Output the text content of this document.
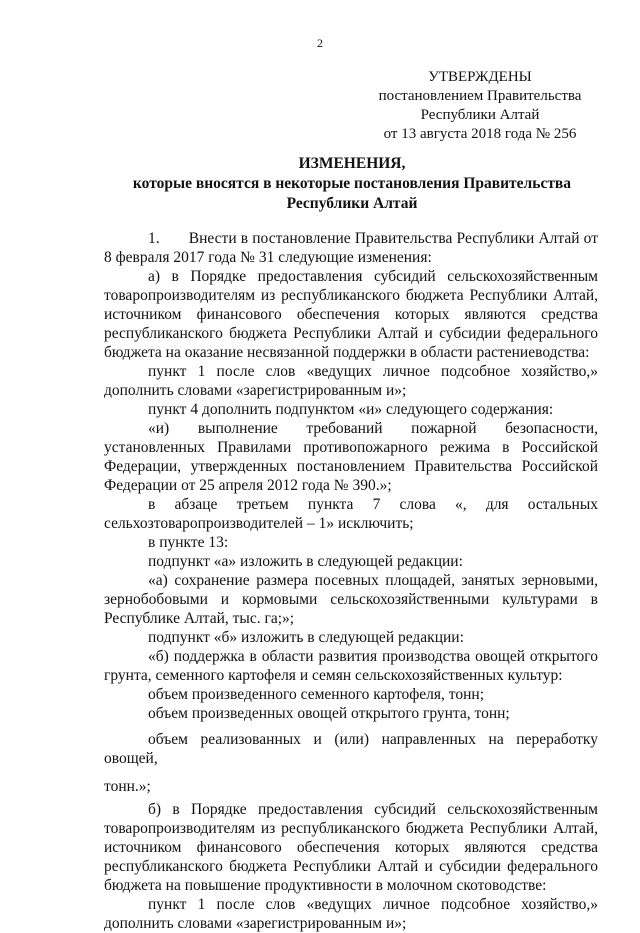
2
УТВЕРЖДЕНЫ
постановлением Правительства
Республики Алтай
от 13 августа 2018 года № 256
ИЗМЕНЕНИЯ,
которые вносятся в некоторые постановления Правительства
Республики Алтай

1.       Внести в постановление Правительства Республики Алтай от 8 февраля 2017 года № 31 следующие изменения:

а) в Порядке предоставления субсидий сельскохозяйственным товаропроизводителям из республиканского бюджета Республики Алтай, источником финансового обеспечения которых являются средства республиканского бюджета Республики Алтай и субсидии федерального бюджета на оказание несвязанной поддержки в области растениеводства:

пункт 1 после слов «ведущих личное подсобное хозяйство,» дополнить словами «зарегистрированным и»;

пункт 4 дополнить подпунктом «и» следующего содержания:

«и) выполнение требований пожарной безопасности, установленных Правилами противопожарного режима в Российской Федерации, утвержденных постановлением Правительства Российской Федерации от 25 апреля 2012 года № 390.»;

в абзаце третьем пункта 7 слова «, для остальных сельхозтоваропроизводителей – 1» исключить;

в пункте 13:

подпункт «а» изложить в следующей редакции:

«а) сохранение размера посевных площадей, занятых зерновыми, зернобобовыми и кормовыми сельскохозяйственными культурами в Республике Алтай, тыс. га;»;

подпункт «б» изложить в следующей редакции:

«б) поддержка в области развития производства овощей открытого грунта, семенного картофеля и семян сельскохозяйственных культур:

объем произведенного семенного картофеля, тонн;

объем произведенных овощей открытого грунта, тонн;

объем реализованных и (или) направленных на переработку овощей,

тонн.»;

б) в Порядке предоставления субсидий сельскохозяйственным товаропроизводителям из республиканского бюджета Республики Алтай, источником финансового обеспечения которых являются средства республиканского бюджета Республики Алтай и субсидии федерального бюджета на повышение продуктивности в молочном скотоводстве:

пункт 1 после слов «ведущих личное подсобное хозяйство,» дополнить словами «зарегистрированным и»;
